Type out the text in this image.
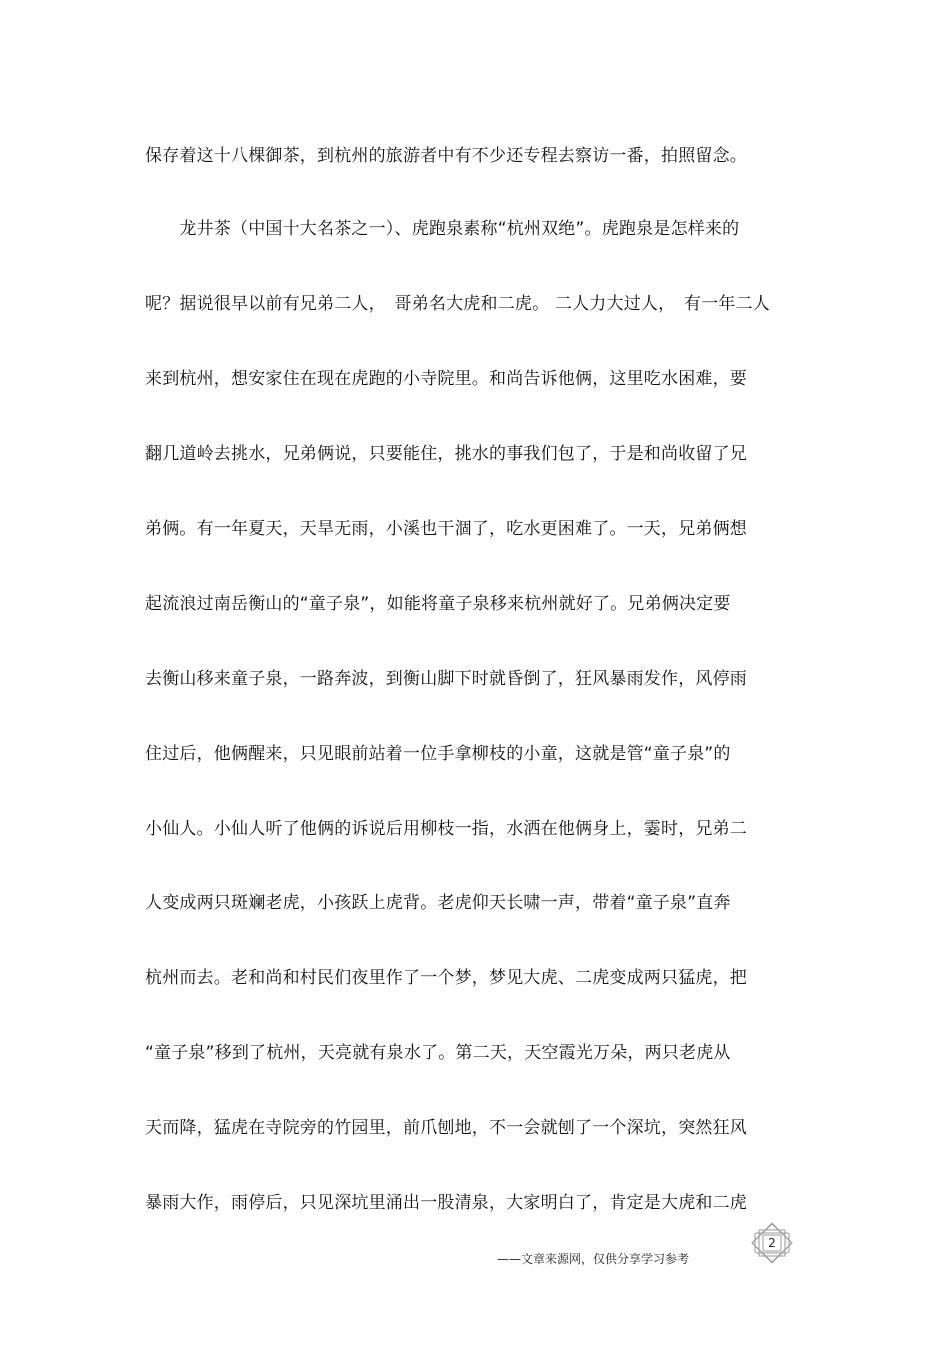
保存着这十八棵御茶，到杭州的旅游者中有不少还专程去察访一番，拍照留念。
　　龙井茶（中国十大名茶之一）、虎跑泉素称“杭州双绝”。虎跑泉是怎样来的
呢？据说很早以前有兄弟二人，　哥弟名大虎和二虎。 二人力大过人，　有一年二人
来到杭州，想安家住在现在虎跑的小寺院里。和尚告诉他俩，这里吃水困难，要
翻几道岭去挑水，兄弟俩说，只要能住，挑水的事我们包了，于是和尚收留了兄
弟俩。有一年夏天，天旱无雨，小溪也干涸了，吃水更困难了。一天，兄弟俩想
起流浪过南岳衡山的“童子泉”，如能将童子泉移来杭州就好了。兄弟俩决定要
去衡山移来童子泉，一路奔波，到衡山脚下时就昏倒了，狂风暴雨发作，风停雨
住过后，他俩醒来，只见眼前站着一位手拿柳枝的小童，这就是管“童子泉”的
小仙人。小仙人听了他俩的诉说后用柳枝一指，水洒在他俩身上，霎时，兄弟二
人变成两只斑斓老虎，小孩跃上虎背。老虎仰天长啸一声，带着“童子泉”直奔
杭州而去。老和尚和村民们夜里作了一个梦，梦见大虎、二虎变成两只猛虎，把
“童子泉”移到了杭州，天亮就有泉水了。第二天，天空霞光万朵，两只老虎从
天而降，猛虎在寺院旁的竹园里，前爪刨地，不一会就刨了一个深坑，突然狂风
暴雨大作，雨停后，只见深坑里涌出一股清泉，大家明白了，肯定是大虎和二虎
2
——文章来源网，仅供分享学习参考
